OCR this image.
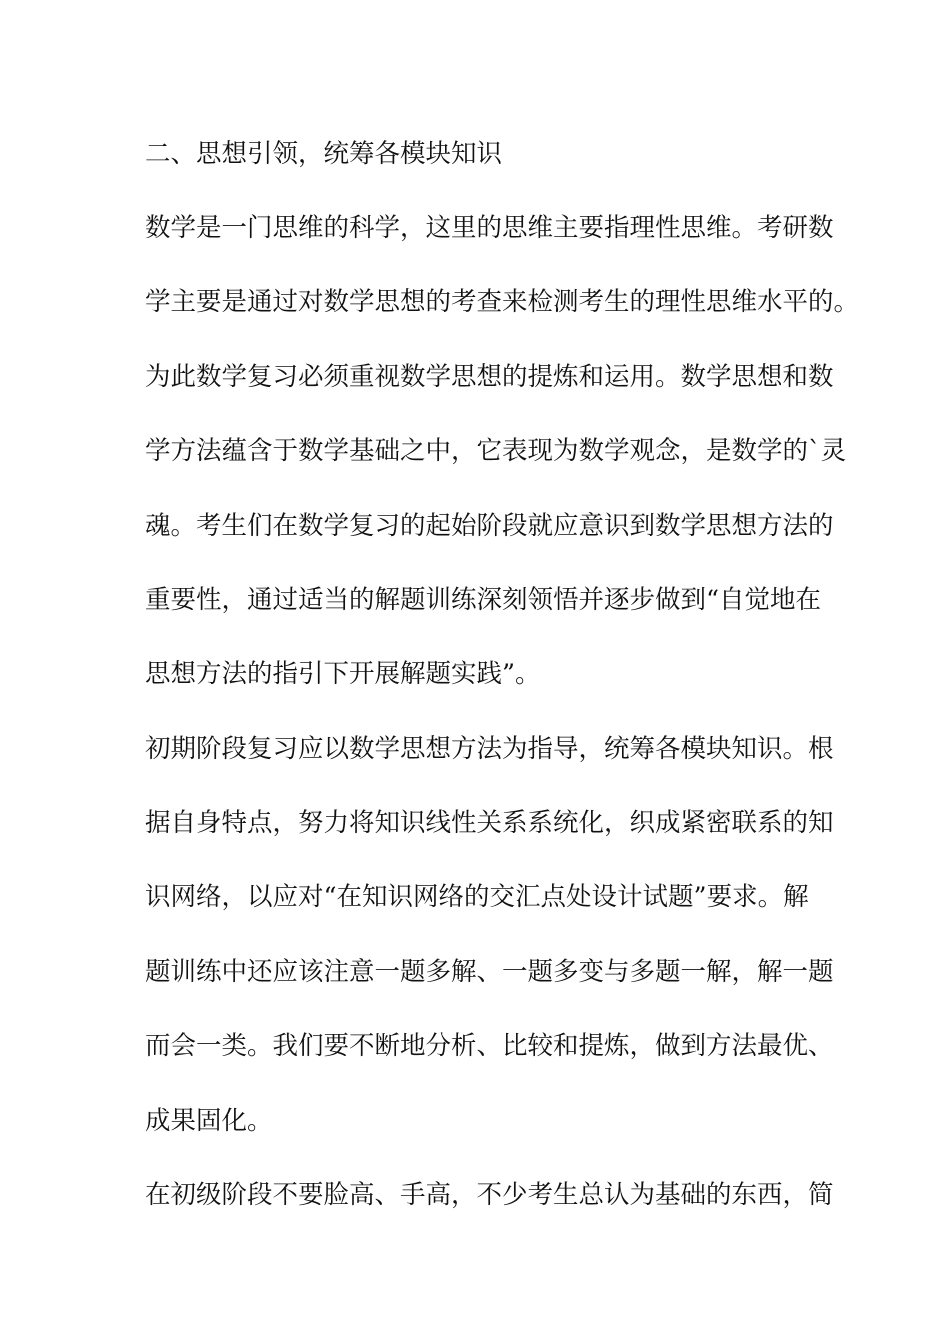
二、思想引领，统筹各模块知识
数学是一门思维的科学，这里的思维主要指理性思维。考研数
学主要是通过对数学思想的考查来检测考生的理性思维水平的。
为此数学复习必须重视数学思想的提炼和运用。数学思想和数
学方法蕴含于数学基础之中，它表现为数学观念，是数学的`灵
魂。考生们在数学复习的起始阶段就应意识到数学思想方法的
重要性，通过适当的解题训练深刻领悟并逐步做到“自觉地在
思想方法的指引下开展解题实践”。
初期阶段复习应以数学思想方法为指导，统筹各模块知识。根
据自身特点，努力将知识线性关系系统化，织成紧密联系的知
识网络，以应对“在知识网络的交汇点处设计试题”要求。解
题训练中还应该注意一题多解、一题多变与多题一解，解一题
而会一类。我们要不断地分析、比较和提炼，做到方法最优、
成果固化。
在初级阶段不要脸高、手高，不少考生总认为基础的东西，简
